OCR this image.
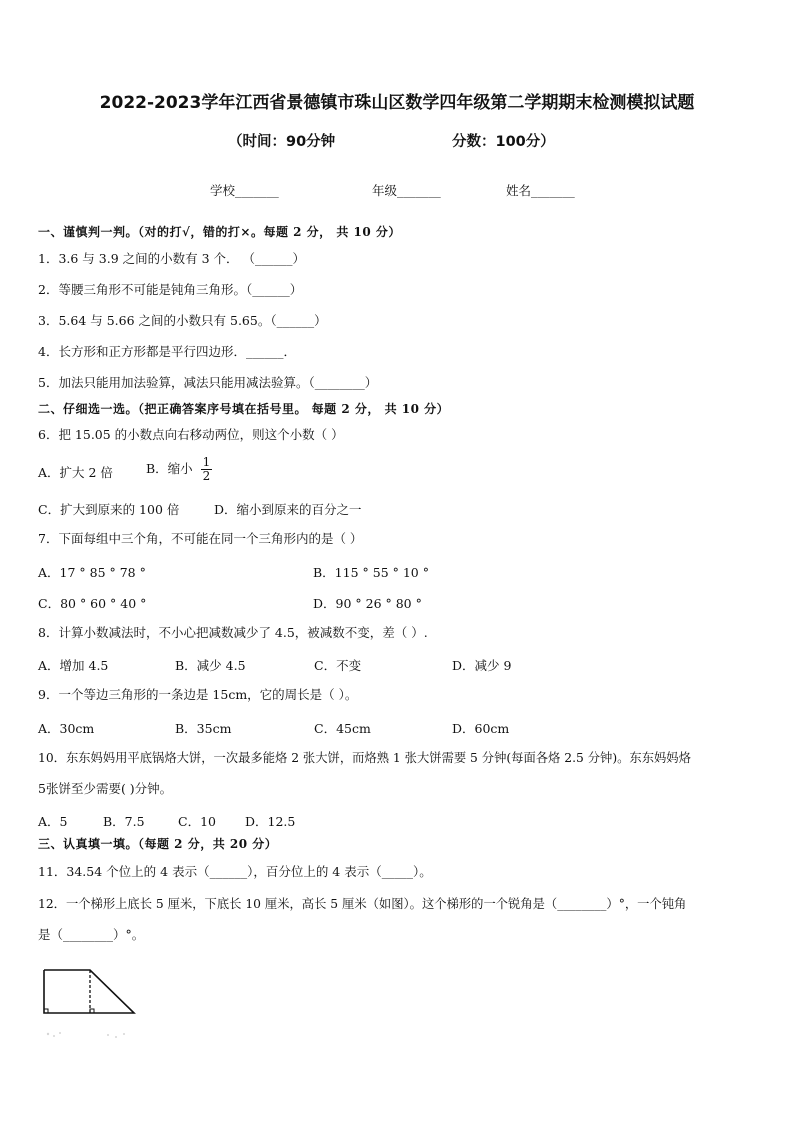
2022-2023学年江西省景德镇市珠山区数学四年级第二学期期末检测模拟试题
（时间：90分钟	分数：100分）
学校_______	年级_______	姓名_______
一、谨慎判一判。（对的打√，错的打×。每题 2 分， 共 10 分）
1．3.6 与 3.9 之间的小数有 3 个． （______）
2．等腰三角形不可能是钝角三角形。（______）
3．5.64 与 5.66 之间的小数只有 5.65。（______）
4．长方形和正方形都是平行四边形．______．
5．加法只能用加法验算，减法只能用减法验算。（________）
二、仔细选一选。（把正确答案序号填在括号里。 每题 2 分， 共 10 分）
6．把 15.05 的小数点向右移动两位，则这个小数（ ）
A．扩大 2 倍	B．缩小 $\frac{1}{2}$
C．扩大到原来的 100 倍	D．缩小到原来的百分之一
7．下面每组中三个角，不可能在同一个三角形内的是（ ）
A．17 ° 85 ° 78 °	B．115 ° 55 ° 10 °
C．80 ° 60 ° 40 °	D．90 ° 26 ° 80 °
8．计算小数减法时，不小心把减数减少了 4.5，被减数不变，差（ ）.
A．增加 4.5	B．减少 4.5	C．不变	D．减少 9
9．一个等边三角形的一条边是 15cm，它的周长是（ ）。
A．30cm	B．35cm	C．45cm	D．60cm
10．东东妈妈用平底锅烙大饼，一次最多能烙 2 张大饼，而烙熟 1 张大饼需要 5 分钟(每面各烙 2.5 分钟)。东东妈妈烙
5张饼至少需要( )分钟。
A．5	B．7.5	C．10 D．12.5
三、认真填一填。（每题 2 分，共 20 分）
11．34.54 个位上的 4 表示（______），百分位上的 4 表示（_____）。
12．一个梯形上底长 5 厘米，下底长 10 厘米，高长 5 厘米（如图）。这个梯形的一个锐角是（________）°，一个钝角
是（________）°。
